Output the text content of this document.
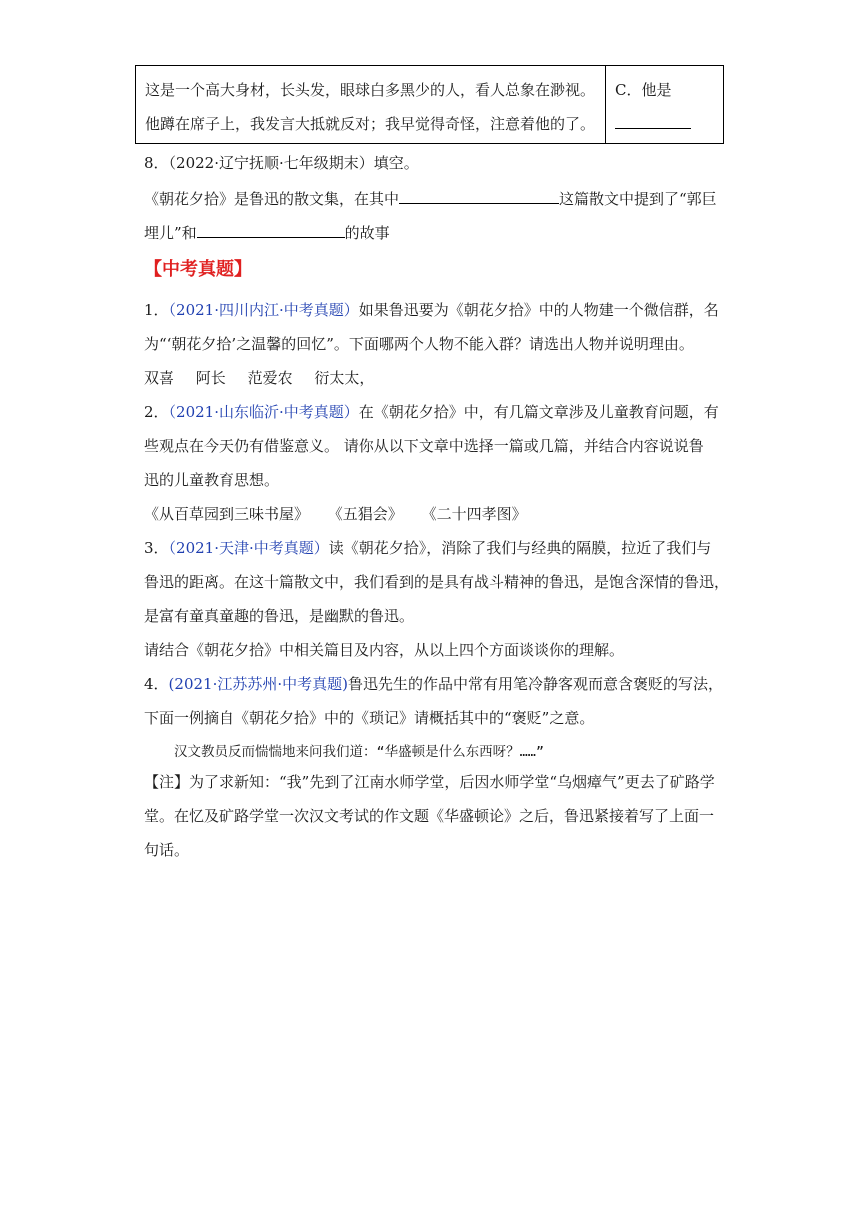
这是一个高大身材，长头发，眼球白多黑少的人，看人总象在渺视。
他蹲在席子上，我发言大抵就反对；我早觉得奇怪，注意着他的了。
C．他是
8．（2022·辽宁抚顺·七年级期末）填空。
《朝花夕拾》是鲁迅的散文集，在其中	这篇散文中提到了“郭巨
埋儿”和	的故事
【中考真题】
1．（2021·四川内江·中考真题）如果鲁迅要为《朝花夕拾》中的人物建一个微信群，名
为“‘朝花夕拾’之温馨的回忆”。下面哪两个人物不能入群？请选出人物并说明理由。
双喜 阿长 范爱农 衍太太，
2．（2021·山东临沂·中考真题）在《朝花夕拾》中，有几篇文章涉及儿童教育问题，有
些观点在今天仍有借鉴意义。 请你从以下文章中选择一篇或几篇，并结合内容说说鲁
迅的儿童教育思想。
《从百草园到三味书屋》 《五猖会》 《二十四孝图》
3．（2021·天津·中考真题）读《朝花夕拾》，消除了我们与经典的隔膜，拉近了我们与
鲁迅的距离。在这十篇散文中，我们看到的是具有战斗精神的鲁迅，是饱含深情的鲁迅，
是富有童真童趣的鲁迅，是幽默的鲁迅。
请结合《朝花夕拾》中相关篇目及内容，从以上四个方面谈谈你的理解。
4．(2021·江苏苏州·中考真题)鲁迅先生的作品中常有用笔冷静客观而意含褒贬的写法，
下面一例摘自《朝花夕拾》中的《琐记》请概括其中的“褒贬”之意。
汉文教员反而惴惴地来问我们道：“华盛顿是什么东西呀？……”
【注】为了求新知：“我”先到了江南水师学堂，后因水师学堂“乌烟瘴气”更去了矿路学
堂。在忆及矿路学堂一次汉文考试的作文题《华盛顿论》之后，鲁迅紧接着写了上面一
句话。
